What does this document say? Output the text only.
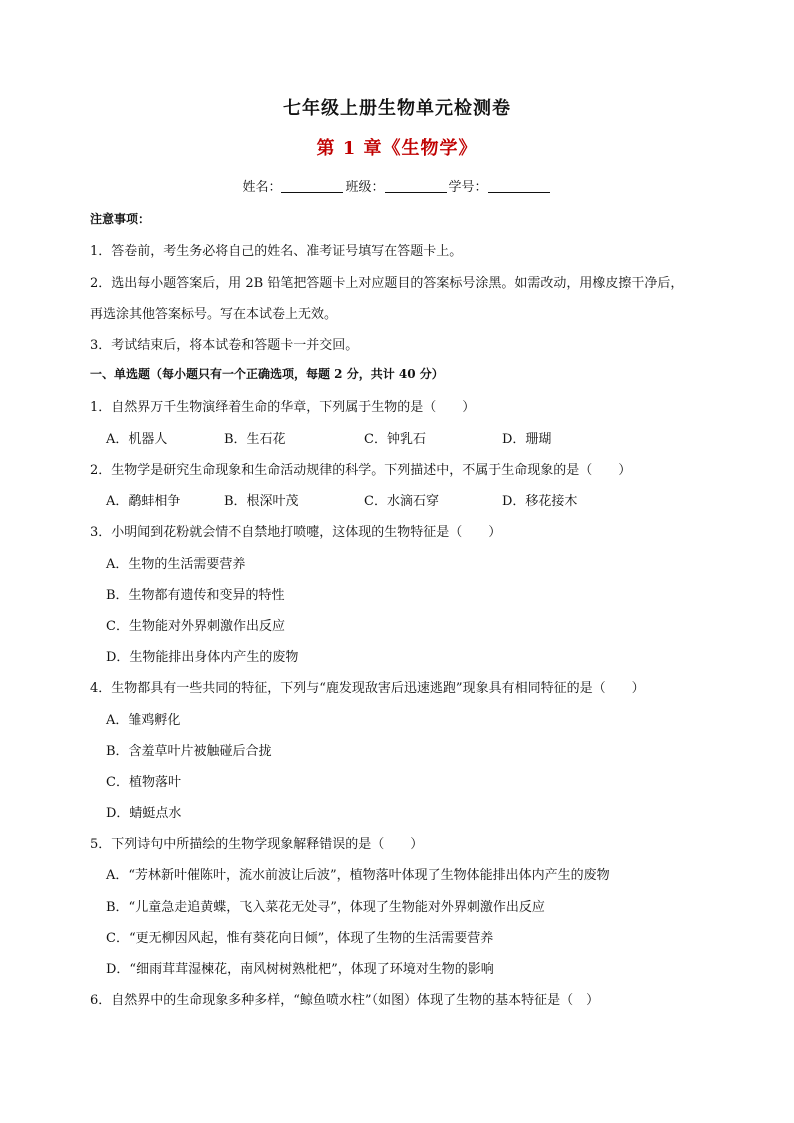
七年级上册生物单元检测卷
第 1 章《生物学》
姓名：	班级：	学号：
注意事项：
1．答卷前，考生务必将自己的姓名、准考证号填写在答题卡上。
2．选出每小题答案后，用 2B 铅笔把答题卡上对应题目的答案标号涂黑。如需改动，用橡皮擦干净后，
再选涂其他答案标号。写在本试卷上无效。
3．考试结束后，将本试卷和答题卡一并交回。
一、单选题（每小题只有一个正确选项，每题 2 分，共计 40 分）
1．自然界万千生物演绎着生命的华章，下列属于生物的是（　　）
A．机器人	B．生石花	C．钟乳石	D．珊瑚
2．生物学是研究生命现象和生命活动规律的科学。下列描述中，不属于生命现象的是（　　）
A．鹬蚌相争	B．根深叶茂	C．水滴石穿	D．移花接木
3．小明闻到花粉就会情不自禁地打喷嚏，这体现的生物特征是（　　）
A．生物的生活需要营养
B．生物都有遗传和变异的特性
C．生物能对外界刺激作出反应
D．生物能排出身体内产生的废物
4．生物都具有一些共同的特征，下列与“鹿发现敌害后迅速逃跑”现象具有相同特征的是（　　）
A．雏鸡孵化
B．含羞草叶片被触碰后合拢
C．植物落叶
D．蜻蜓点水
5．下列诗句中所描绘的生物学现象解释错误的是（　　）
A．“芳林新叶催陈叶，流水前波让后波”，植物落叶体现了生物体能排出体内产生的废物
B．“儿童急走追黄蝶，飞入菜花无处寻”，体现了生物能对外界刺激作出反应
C．“更无柳因风起，惟有葵花向日倾”，体现了生物的生活需要营养
D．“细雨茸茸湿楝花，南风树树熟枇杷”，体现了环境对生物的影响
6．自然界中的生命现象多种多样，“鲸鱼喷水柱”（如图）体现了生物的基本特征是（　）
